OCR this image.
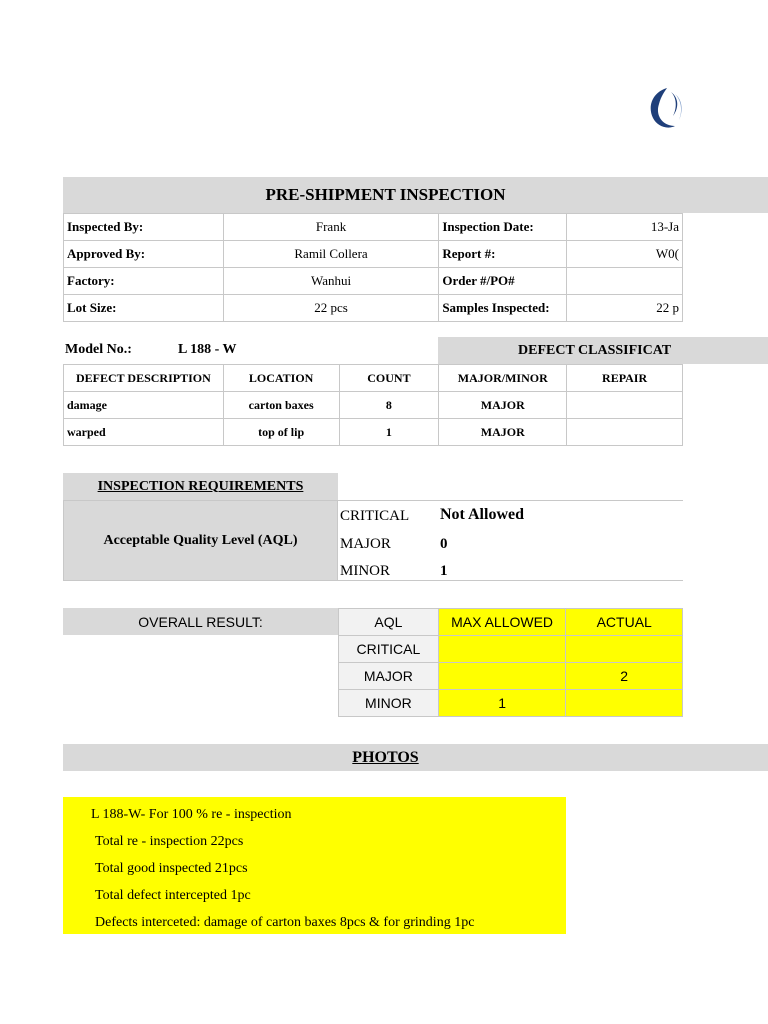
PRE-SHIPMENT INSPECTION
Inspected By:	Frank	Inspection Date:	13-Ja
Approved By:	Ramil Collera	Report #:	W0(
Factory:	Wanhui	Order #/PO#	
Lot Size:	22 pcs	Samples Inspected:	22 p
Model No.:	L 188 - W	DEFECT CLASSIFICAT
DEFECT DESCRIPTION	LOCATION	COUNT	MAJOR/MINOR	REPAIR
damage	carton baxes	8	MAJOR	
warped	top of lip	1	MAJOR	
INSPECTION REQUIREMENTS
Acceptable Quality Level (AQL)
CRITICAL Not Allowed
MAJOR	0
MINOR	1
OVERALL RESULT:	AQL	MAX ALLOWED	ACTUAL
CRITICAL		
MAJOR		2
MINOR	1	
PHOTOS
L 188-W- For 100 % re - inspection
Total re - inspection 22pcs
Total good inspected 21pcs
Total defect intercepted 1pc
Defects interceted: damage of carton baxes 8pcs & for grinding 1pc
